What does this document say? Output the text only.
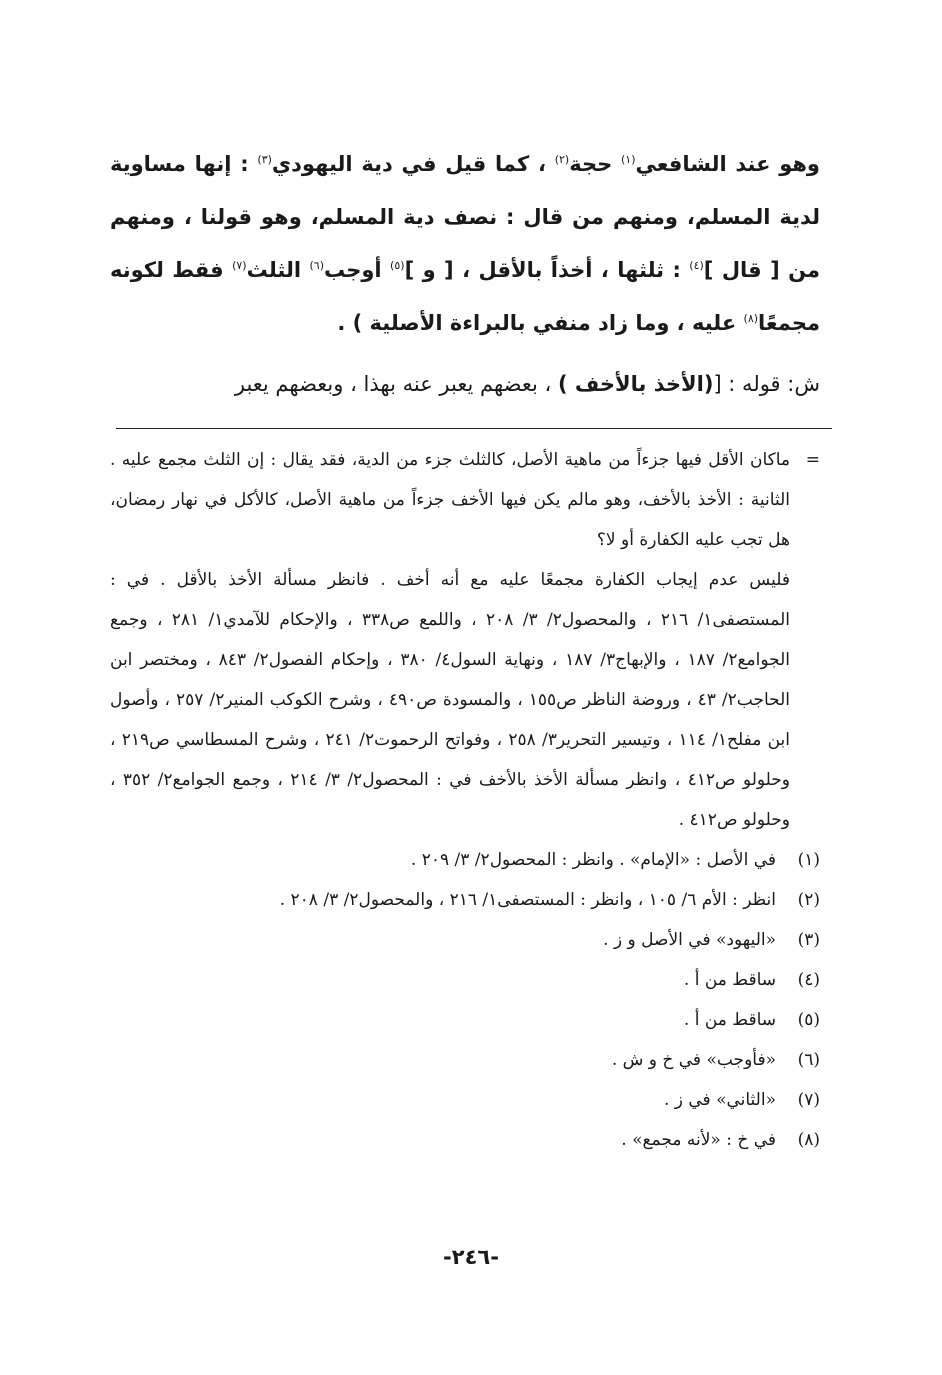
وهو عند الشافعي$^{(١)}$ حجة$^{(٢)}$ ، كما قيل في دية اليهودي$^{(٣)}$ : إنها مساوية لدية المسلم، ومنهم من قال : نصف دية المسلم، وهو قولنا ، ومنهم من [ قال ]$^{(٤)}$ : ثلثها ، أخذاً بالأقل ، [ و ]$^{(٥)}$ أوجب$^{(٦)}$ الثلث$^{(٧)}$ فقط لكونه مجمعًا$^{(٨)}$ عليه ، وما زاد منفي بالبراءة الأصلية ) .

ش: قوله : [(الأخذ بالأخف ) ، بعضهم يعبر عنه بهذا ، وبعضهم يعبر

=

ماكان الأقل فيها جزءاً من ماهية الأصل، كالثلث جزء من الدية، فقد يقال : إن الثلث مجمع عليه . الثانية : الأخذ بالأخف، وهو مالم يكن فيها الأخف جزءاً من ماهية الأصل، كالأكل في نهار رمضان، هل تجب عليه الكفارة أو لا؟

فليس عدم إيجاب الكفارة مجمعًا عليه مع أنه أخف . فانظر مسألة الأخذ بالأقل . في : المستصفى١/ ٢١٦ ، والمحصول٢/ ٣/ ٢٠٨ ، واللمع ص٣٣٨ ، والإحكام للآمدي١/ ٢٨١ ، وجمع الجوامع٢/ ١٨٧ ، والإبهاج٣/ ١٨٧ ، ونهاية السول٤/ ٣٨٠ ، وإحكام الفصول٢/ ٨٤٣ ، ومختصر ابن الحاجب٢/ ٤٣ ، وروضة الناظر ص١٥٥ ، والمسودة ص٤٩٠ ، وشرح الكوكب المنير٢/ ٢٥٧ ، وأصول ابن مفلح١/ ١١٤ ، وتيسير التحرير٣/ ٢٥٨ ، وفواتح الرحموت٢/ ٢٤١ ، وشرح المسطاسي ص٢١٩ ، وحلولو ص٤١٢ ، وانظر مسألة الأخذ بالأخف في : المحصول٢/ ٣/ ٢١٤ ، وجمع الجوامع٢/ ٣٥٢ ، وحلولو ص٤١٢ .

(١)
في الأصل : «الإمام» . وانظر : المحصول٢/ ٣/ ٢٠٩ .
(٢)
انظر : الأم ٦/ ١٠٥ ، وانظر : المستصفى١/ ٢١٦ ، والمحصول٢/ ٣/ ٢٠٨ .
(٣)
«اليهود» في الأصل و ز .
(٤)
ساقط من أ .
(٥)
ساقط من أ .
(٦)
«فأوجب» في خ و ش .
(٧)
«الثاني» في ز .
(٨)
في خ : «لأنه مجمع» .
-٢٤٦-
